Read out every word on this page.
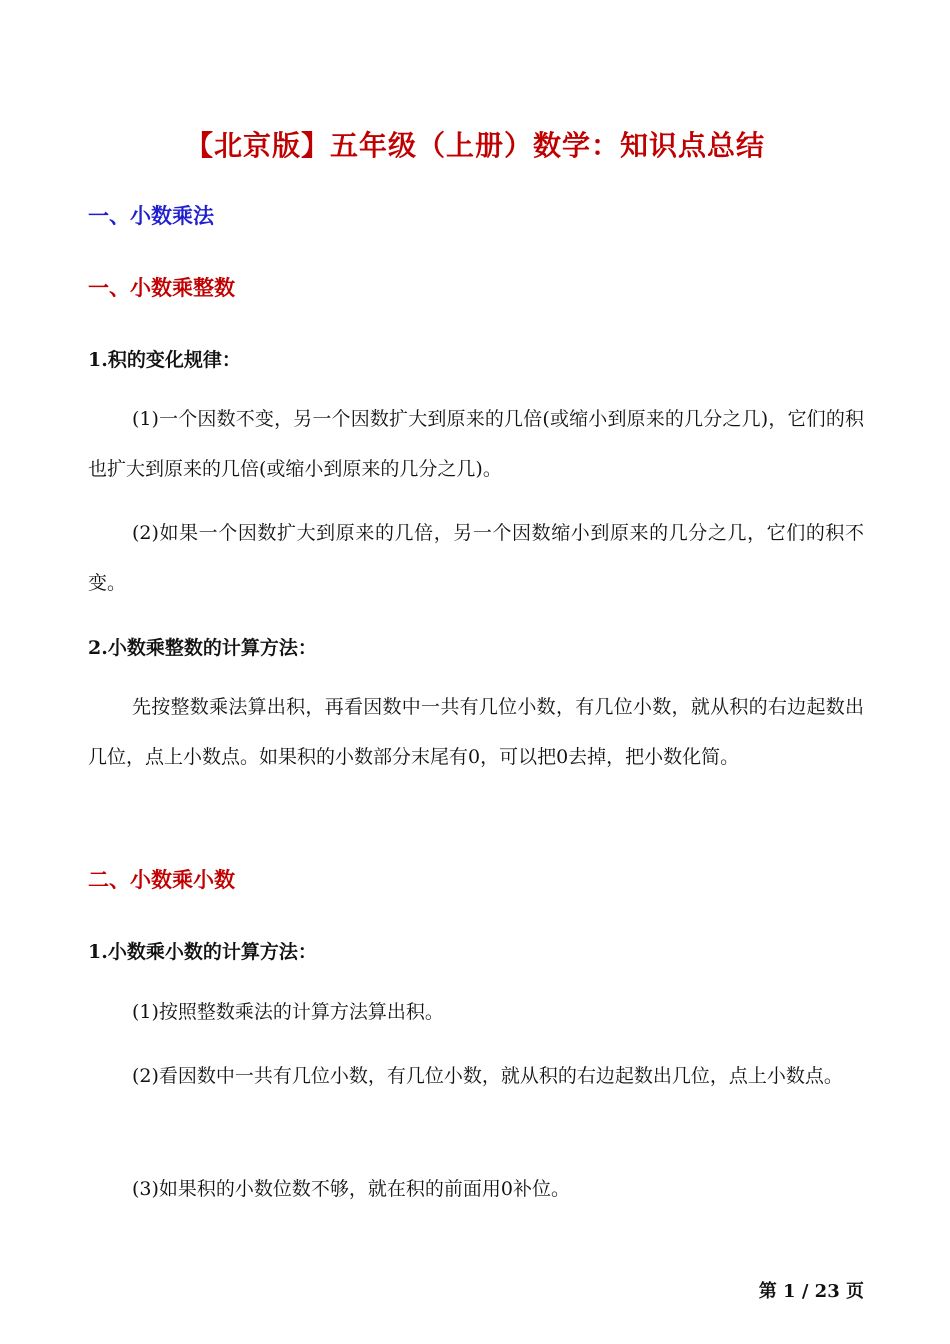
【北京版】五年级（上册）数学：知识点总结
一、小数乘法
一、小数乘整数
1.积的变化规律：
(1)一个因数不变，另一个因数扩大到原来的几倍(或缩小到原来的几分之几)，它们的积也扩大到原来的几倍(或缩小到原来的几分之几)。
(2)如果一个因数扩大到原来的几倍，另一个因数缩小到原来的几分之几，它们的积不变。
2.小数乘整数的计算方法：
先按整数乘法算出积，再看因数中一共有几位小数，有几位小数，就从积的右边起数出几位，点上小数点。如果积的小数部分末尾有0，可以把0去掉，把小数化简。
二、小数乘小数
1.小数乘小数的计算方法：
(1)按照整数乘法的计算方法算出积。
(2)看因数中一共有几位小数，有几位小数，就从积的右边起数出几位，点上小数点。
(3)如果积的小数位数不够，就在积的前面用0补位。
第 1 / 23 页
